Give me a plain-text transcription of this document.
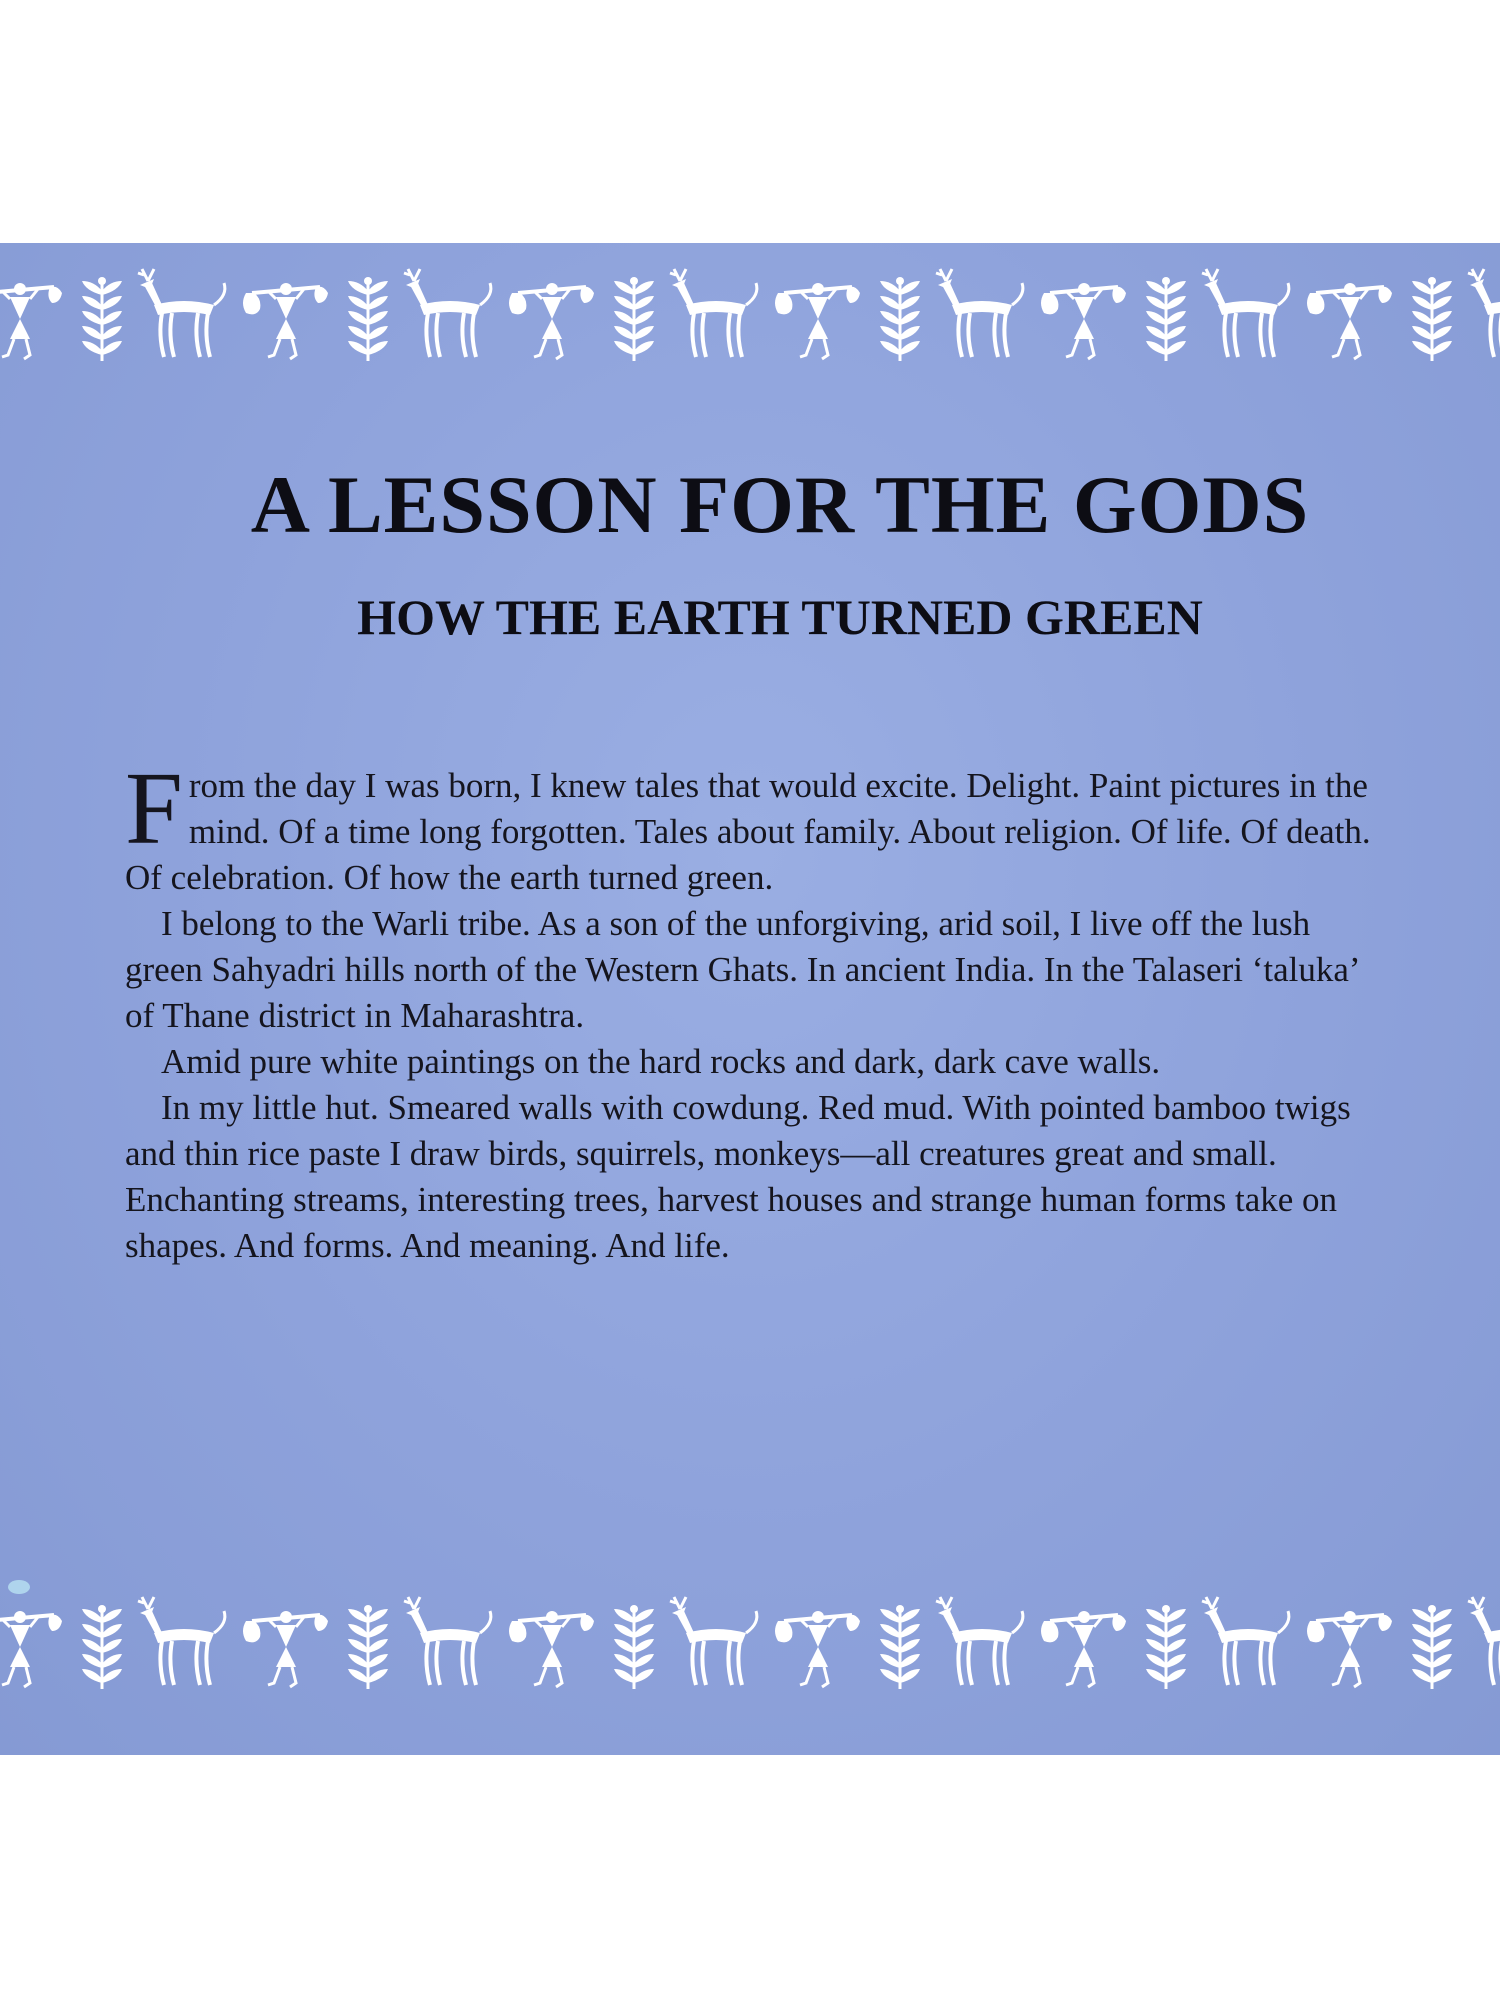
A LESSON FOR THE GODS
HOW THE EARTH TURNED GREEN

From the day I was born, I knew tales that would excite. Delight. Paint pictures in the mind. Of a time long forgotten. Tales about family. About religion. Of life. Of death. Of celebration. Of how the earth turned green.

I belong to the Warli tribe. As a son of the unforgiving, arid soil, I live off the lush green Sahyadri hills north of the Western Ghats. In ancient India. In the Talaseri ‘taluka’ of Thane district in Maharashtra.

Amid pure white paintings on the hard rocks and dark, dark cave walls.

In my little hut. Smeared walls with cowdung. Red mud. With pointed bamboo twigs and thin rice paste I draw birds, squirrels, monkeys—all creatures great and small. Enchanting streams, interesting trees, harvest houses and strange human forms take on shapes. And forms. And meaning. And life.
